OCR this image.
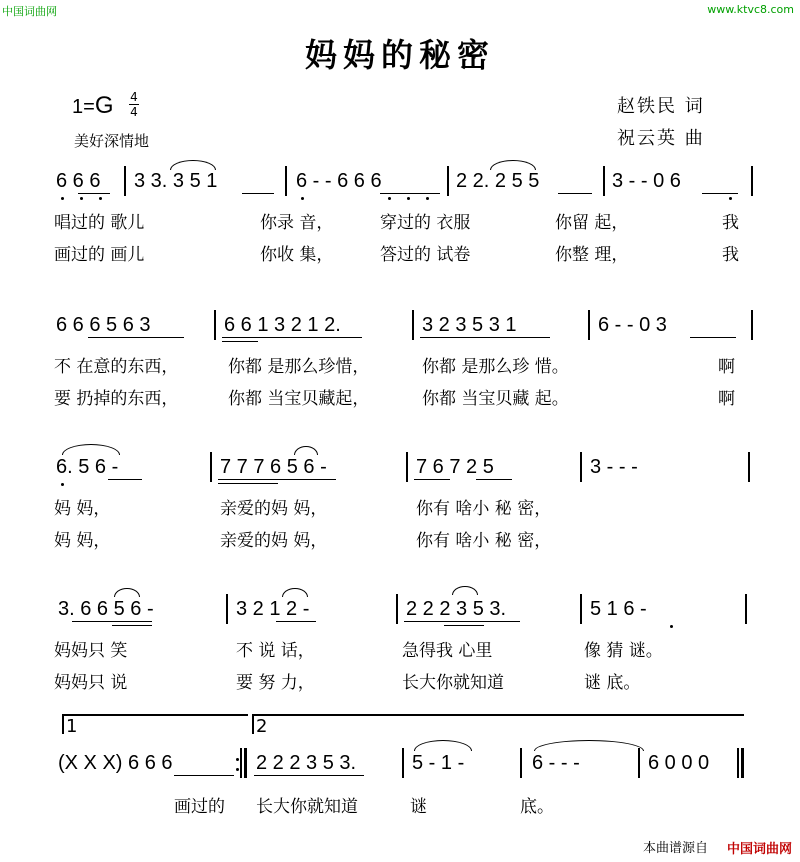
中国词曲网	www.ktvc8.com
妈妈的秘密
1=G 4
4
美好深情地
赵铁民 词
祝云英 曲
6 6 6 3 3. 3 5 1	6 - - 6 6 6	2 2. 2 5 5	3 - - 0 6
唱过的 歌儿	你录 音，	穿过的 衣服	你留 起，	我
画过的 画儿	你收 集，	答过的 试卷	你整 理，	我
6 6 6 5 6 3	6 6 1 3 2 1 2.	3 2 3 5 3 1	6 - - 0 3
不 在意的东西，	你都 是那么珍惜，	你都 是那么珍 惜。	啊
要 扔掉的东西，	你都 当宝贝藏起，	你都 当宝贝藏 起。	啊
6. 5 6 -	7 7 7 6 5 6 -	7 6 7 2 5	3 - - -
妈 妈，	亲爱的妈 妈，	你有 啥小 秘 密，
妈 妈，	亲爱的妈 妈，	你有 啥小 秘 密，
3. 6 6 5 6 -	3 2 1 2 -	2 2 2 3 5 3.	5 1 6 -
妈妈只 笑	不 说 话，	急得我 心里	像 猜 谜。
妈妈只 说	要 努 力，	长大你就知道	谜 底。
1	2
(X X X) 6 6 6	2 2 2 3 5 3.	5 - 1 -	6 - - -	6 0 0 0
画过的 长大你就知道	谜	底。
本曲谱源自 中国词曲网
